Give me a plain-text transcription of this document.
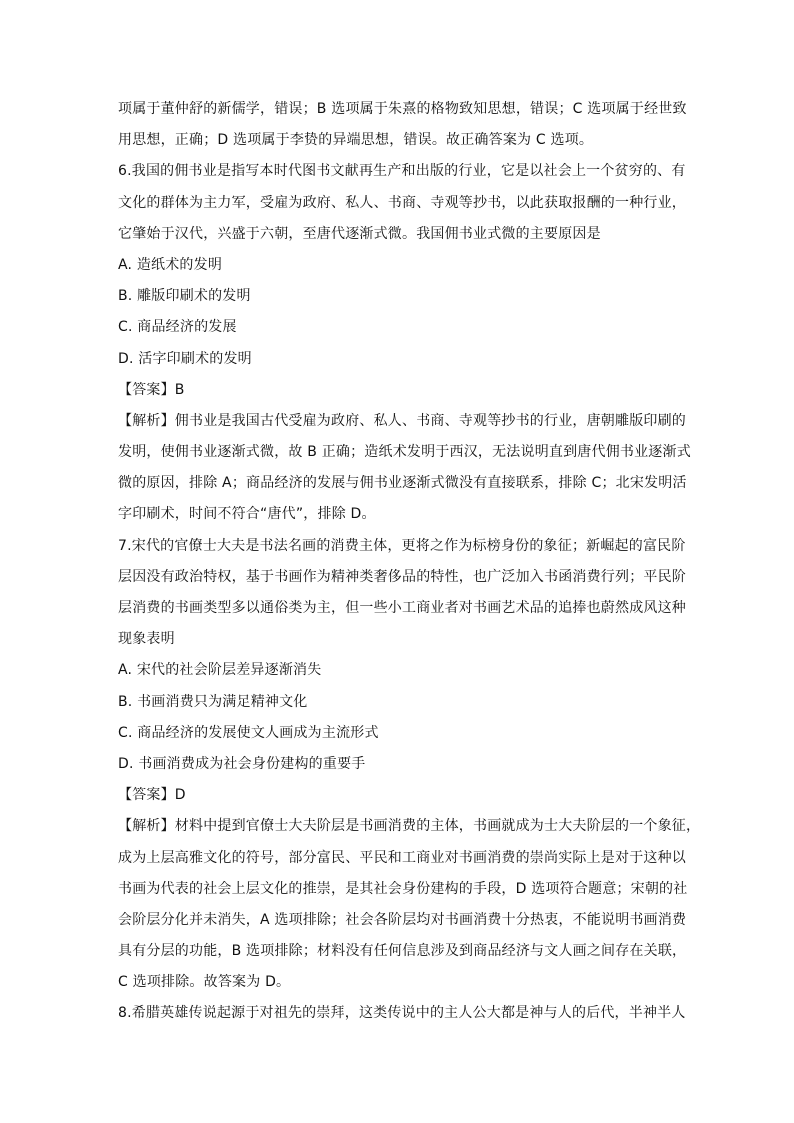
项属于董仲舒的新儒学，错误；B 选项属于朱熹的格物致知思想，错误；C 选项属于经世致
用思想，正确；D 选项属于李贽的异端思想，错误。故正确答案为 C 选项。
6.我国的佣书业是指写本时代图书文献再生产和出版的行业，它是以社会上一个贫穷的、有
文化的群体为主力军，受雇为政府、私人、书商、寺观等抄书，以此获取报酬的一种行业，
它肇始于汉代，兴盛于六朝，至唐代逐渐式微。我国佣书业式微的主要原因是
A. 造纸术的发明
B. 雕版印刷术的发明
C. 商品经济的发展
D. 活字印刷术的发明
【答案】B
【解析】佣书业是我国古代受雇为政府、私人、书商、寺观等抄书的行业，唐朝雕版印刷的
发明，使佣书业逐渐式微，故 B 正确；造纸术发明于西汉，无法说明直到唐代佣书业逐渐式
微的原因，排除 A；商品经济的发展与佣书业逐渐式微没有直接联系，排除 C；北宋发明活
字印刷术，时间不符合“唐代”，排除 D。
7.宋代的官僚士大夫是书法名画的消费主体，更将之作为标榜身份的象征；新崛起的富民阶
层因没有政治特权，基于书画作为精神类奢侈品的特性，也广泛加入书函消费行列；平民阶
层消费的书画类型多以通俗类为主，但一些小工商业者对书画艺术品的追捧也蔚然成风这种
现象表明
A. 宋代的社会阶层差异逐渐消失
B. 书画消费只为满足精神文化
C. 商品经济的发展使文人画成为主流形式
D. 书画消费成为社会身份建构的重要手
【答案】D
【解析】材料中提到官僚士大夫阶层是书画消费的主体，书画就成为士大夫阶层的一个象征，
成为上层高雅文化的符号，部分富民、平民和工商业对书画消费的崇尚实际上是对于这种以
书画为代表的社会上层文化的推崇，是其社会身份建构的手段，D 选项符合题意；宋朝的社
会阶层分化并未消失，A 选项排除；社会各阶层均对书画消费十分热衷，不能说明书画消费
具有分层的功能，B 选项排除；材料没有任何信息涉及到商品经济与文人画之间存在关联，
C 选项排除。故答案为 D。
8.希腊英雄传说起源于对祖先的崇拜，这类传说中的主人公大都是神与人的后代，半神半人
